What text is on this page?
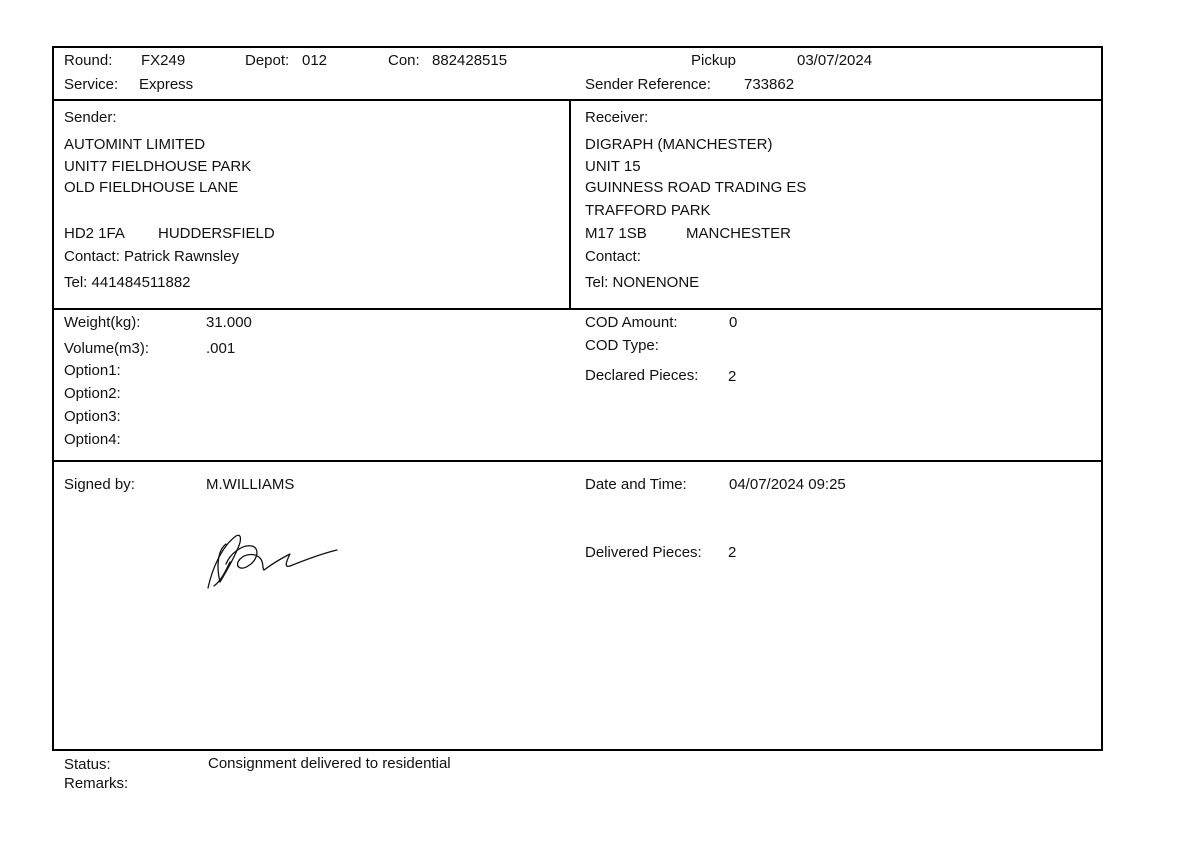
Round: FX249	Depot: 012	Con: 882428515	Pickup	03/07/2024
Service: Express	Sender Reference: 733862
Sender:
AUTOMINT LIMITED
UNIT7 FIELDHOUSE PARK
OLD FIELDHOUSE LANE
HD2 1FA HUDDERSFIELD
Contact: Patrick Rawnsley
Tel: 441484511882
Receiver:
DIGRAPH (MANCHESTER)
UNIT 15
GUINNESS ROAD TRADING ES
TRAFFORD PARK
M17 1SB	MANCHESTER
Contact:
Tel: NONENONE
Weight(kg):	31.000
Volume(m3):	.001
Option1:
Option2:
Option3:
Option4:
COD Amount:	0
COD Type:
Declared Pieces: 2
Signed by:	M.WILLIAMS	Date and Time:	04/07/2024 09:25
Delivered Pieces: 2
Status:	Consignment delivered to residential
Remarks:
